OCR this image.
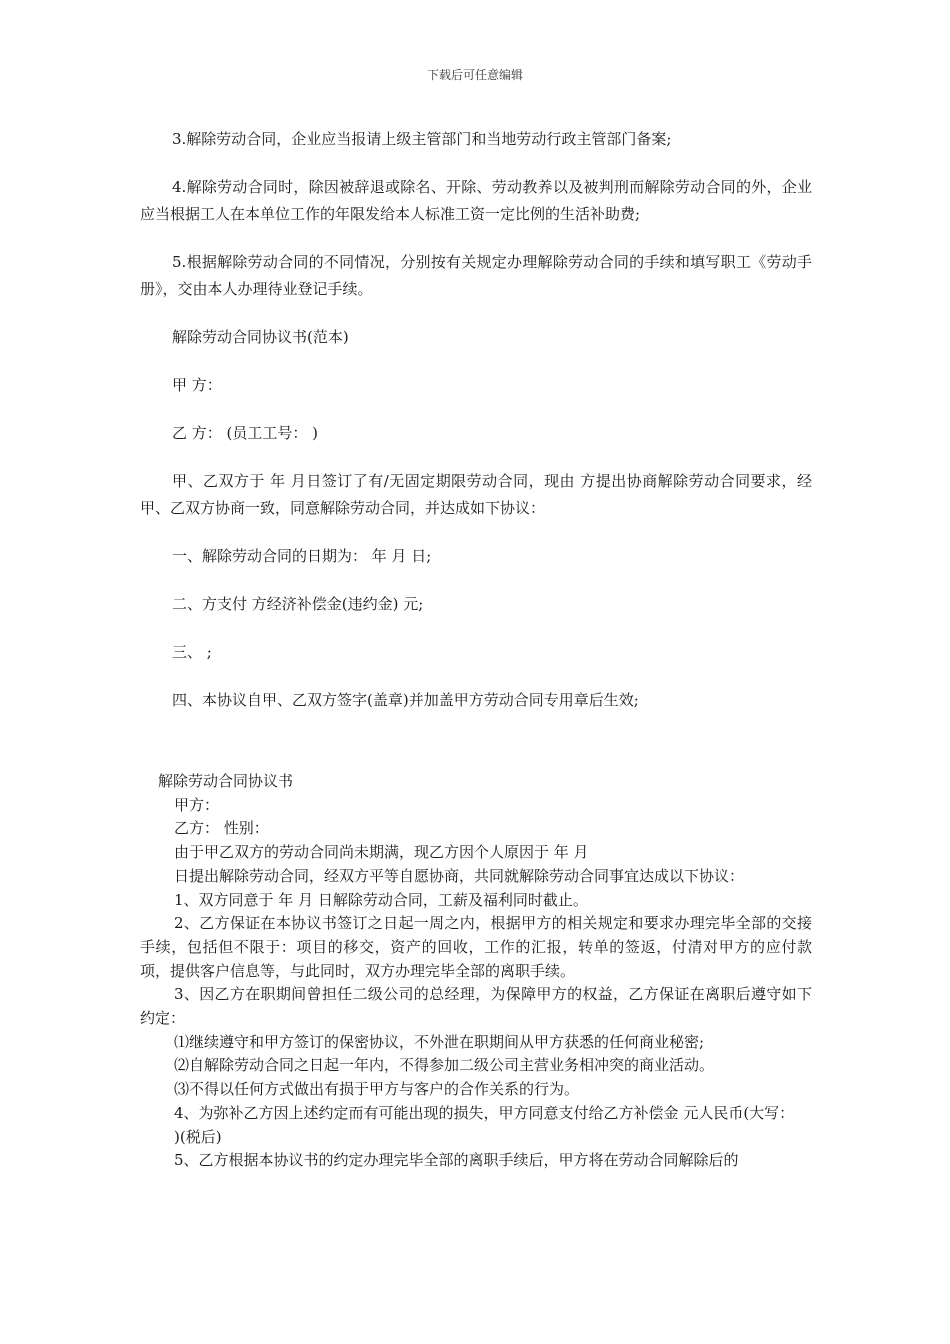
下载后可任意编辑

3.解除劳动合同，企业应当报请上级主管部门和当地劳动行政主管部门备案;

4.解除劳动合同时，除因被辞退或除名、开除、劳动教养以及被判刑而解除劳动合同的外，企业应当根据工人在本单位工作的年限发给本人标准工资一定比例的生活补助费;

5.根据解除劳动合同的不同情况，分别按有关规定办理解除劳动合同的手续和填写职工《劳动手册》，交由本人办理待业登记手续。

解除劳动合同协议书(范本)

甲 方：

乙 方： (员工工号： )

甲、乙双方于 年 月日签订了有/无固定期限劳动合同，现由 方提出协商解除劳动合同要求，经甲、乙双方协商一致，同意解除劳动合同，并达成如下协议：

一、解除劳动合同的日期为： 年 月 日;

二、方支付 方经济补偿金(违约金) 元;

三、 ;

四、本协议自甲、乙双方签字(盖章)并加盖甲方劳动合同专用章后生效;

解除劳动合同协议书
甲方：
乙方： 性别：
由于甲乙双方的劳动合同尚未期满，现乙方因个人原因于 年 月
日提出解除劳动合同，经双方平等自愿协商，共同就解除劳动合同事宜达成以下协议：
1、双方同意于 年 月 日解除劳动合同，工薪及福利同时截止。
2、乙方保证在本协议书签订之日起一周之内，根据甲方的相关规定和要求办理完毕全部的交接手续，包括但不限于：项目的移交，资产的回收，工作的汇报，转单的签返，付清对甲方的应付款项，提供客户信息等，与此同时，双方办理完毕全部的离职手续。
3、因乙方在职期间曾担任二级公司的总经理，为保障甲方的权益，乙方保证在离职后遵守如下约定：
⑴继续遵守和甲方签订的保密协议，不外泄在职期间从甲方获悉的任何商业秘密;
⑵自解除劳动合同之日起一年内，不得参加二级公司主营业务相冲突的商业活动。
⑶不得以任何方式做出有损于甲方与客户的合作关系的行为。
4、为弥补乙方因上述约定而有可能出现的损失，甲方同意支付给乙方补偿金 元人民币(大写：
)(税后)
5、乙方根据本协议书的约定办理完毕全部的离职手续后，甲方将在劳动合同解除后的
